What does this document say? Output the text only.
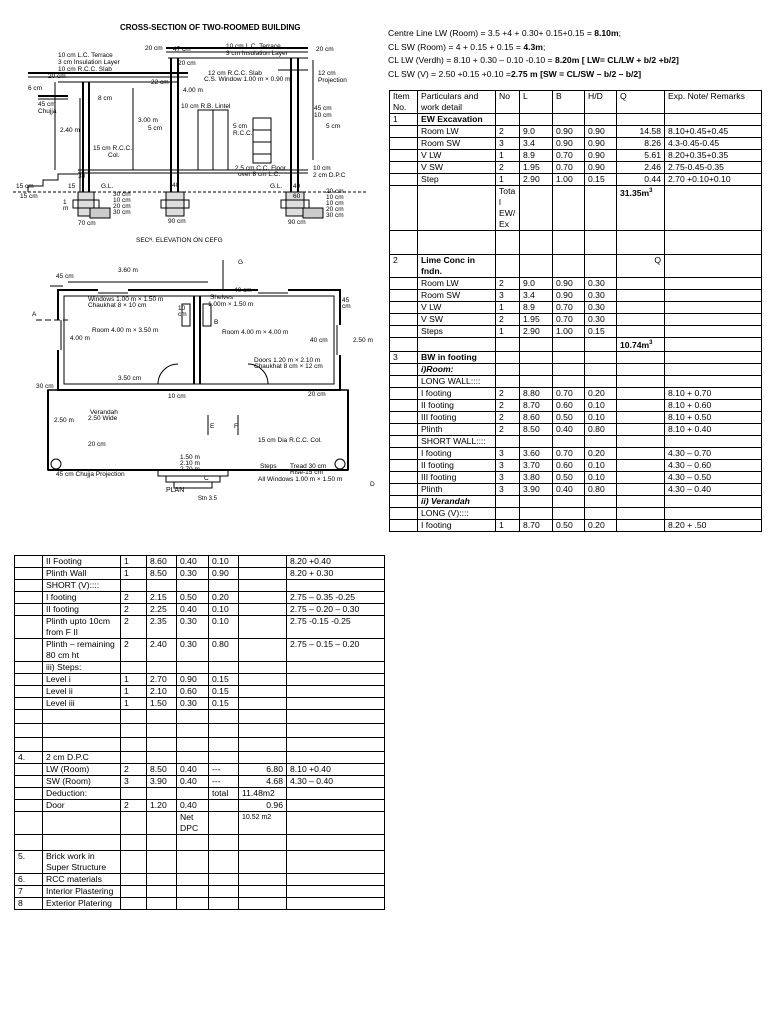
CROSS-SECTION OF TWO-ROOMED BUILDING
20 cm 47 cm	10 cm L.C. Terrace
3 cm Insulation Layer
20 cm
10 cm L.C. Terrace
3 cm Insulation Layer
10 cm R.C.C. Slab
20 cm
20 cm
12 cm R.C.C. Slab
C.S. Window 1.00 m × 0.90 m
12 cm
Projection
6 cm
22 cm
4.00 m
45 cm
Chujja
8 cm
10 cm R.B. Lintel	45 cm
10 cm
2.40 m
3.00 m
5 cm	5 cm
R.C.C.
5 cm
15 cm R.C.C.
Col.
2.5 cm C.C. Floor
over 8 cm L.C.
10 cm
2 cm D.P.C
30
G.L.	G.L.
15 cm	40
15
15 cm
1
m
30 cm
10 cm
20 cm
30 cm
90 cm
70 cm
40
60
20 cm
10 cm
10 cm
20 cm
30 cm
90 cm
SECᴺ. ELEVATION ON CEFG
3.60 m
45 cm
A
G
Windows 1.00 m × 1.50 m
Chaukhat 8 × 10 cm
Shelves
1.00m × 1.50 m
40 cm
45
cm
10
cm
B
Room 4.00 m × 3.50 m
4.00 m
Room 4.00 m × 4.00 m
40 cm	2.50 m
Doors 1.20 m × 2.10 m
Chaukhat 8 cm × 12 cm
3.50 cm
30 cm
10 cm	20 cm
Verandah
2.50 Wide
2.50 m
E	F
15 cm Dia R.C.C. Col.
20 cm
1.50 m
2.10 m
2.70 m	Steps Tread 30 cm
Rise-15 cm
45 cm Chujja Projection
All Windows 1.00 m × 1.50 m
C
D
PLAN
Stn 3.5
Centre Line LW (Room) = 3.5 +4 + 0.30+ 0.15+0.15 = 8.10m;
CL SW (Room) = 4 + 0.15 + 0.15 = 4.3m;
CL LW (Verdh) = 8.10 + 0.30 – 0.10 -0.10 = 8.20m [ LW= CL/LW + b/2 +b/2]
CL SW (V) = 2.50 +0.15 +0.10 =2.75 m [SW = CL/SW – b/2 – b/2]
Item No.	Particulars and work detail	No	L	B	H/D	Q	Exp. Note/ Remarks
1	EW Excavation						
	Room LW	2	9.0	0.90	0.90	14.58	8.10+0.45+0.45
	Room SW	3	3.4	0.90	0.90	8.26	4.3-0.45-0.45
	V LW	1	8.9	0.70	0.90	5.61	8.20+0.35+0.35
	V SW	2	1.95	0.70	0.90	2.46	2.75-0.45-0.35
	Step	1	2.90	1.00	0.15	0.44	2.70 +0.10+0.10
		Total EW/ Ex				$31.35m^3$	

2	Lime Conc in fndn.					Q	
	Room LW	2	9.0	0.90	0.30		
	Room SW	3	3.4	0.90	0.30		
	V LW	1	8.9	0.70	0.30		
	V SW	2	1.95	0.70	0.30		
	Steps	1	2.90	1.00	0.15		
						$10.74m^3$	
3	BW in footing						
	i)Room:						
	LONG WALL::::						
	I footing	2	8.80	0.70	0.20		8.10 + 0.70
	II footing	2	8.70	0.60	0.10		8.10 + 0.60
	III footing	2	8.60	0.50	0.10		8.10 + 0.50
	Plinth	2	8.50	0.40	0.80		8.10 + 0.40
	SHORT WALL::::						
	I footing	3	3.60	0.70	0.20		4.30 – 0.70
	II footing	3	3.70	0.60	0.10		4.30 – 0.60
	III footing	3	3.80	0.50	0.10		4.30 – 0.50
	Plinth	3	3.90	0.40	0.80		4.30 – 0.40
	ii) Verandah						
	LONG (V)::::						
	I footing	1	8.70	0.50	0.20		8.20 + .50
	II Footing	1	8.60	0.40	0.10		8.20 +0.40
	Plinth Wall	1	8.50	0.30	0.90		8.20 + 0.30
	SHORT (V)::::						
	I footing	2	2.15	0.50	0.20		2.75 – 0.35 -0.25
	II footing	2	2.25	0.40	0.10		2.75 – 0.20 – 0.30
	Plinth upto 10cm from F II	2	2.35	0.30	0.10		2.75 -0.15 -0.25
	Plinth – remaining 80 cm ht	2	2.40	0.30	0.80		2.75 – 0.15 – 0.20
	iii) Steps:						
	Level i	1	2.70	0.90	0.15		
	Level ii	1	2.10	0.60	0.15		
	Level iii	1	1.50	0.30	0.15		

4.	2 cm D.P.C						
	LW (Room)	2	8.50	0.40	---	6.80	8.10 +0.40
	SW (Room)	3	3.90	0.40	---	4.68	4.30 – 0.40
	Deduction:				total	11.48m2	
	Door	2	1.20	0.40		0.96	
				Net DPC		10.52 m2	

5.	Brick work in Super Structure						
6.	RCC materials						
7	Interior Plastering						
8	Exterior Platering						
